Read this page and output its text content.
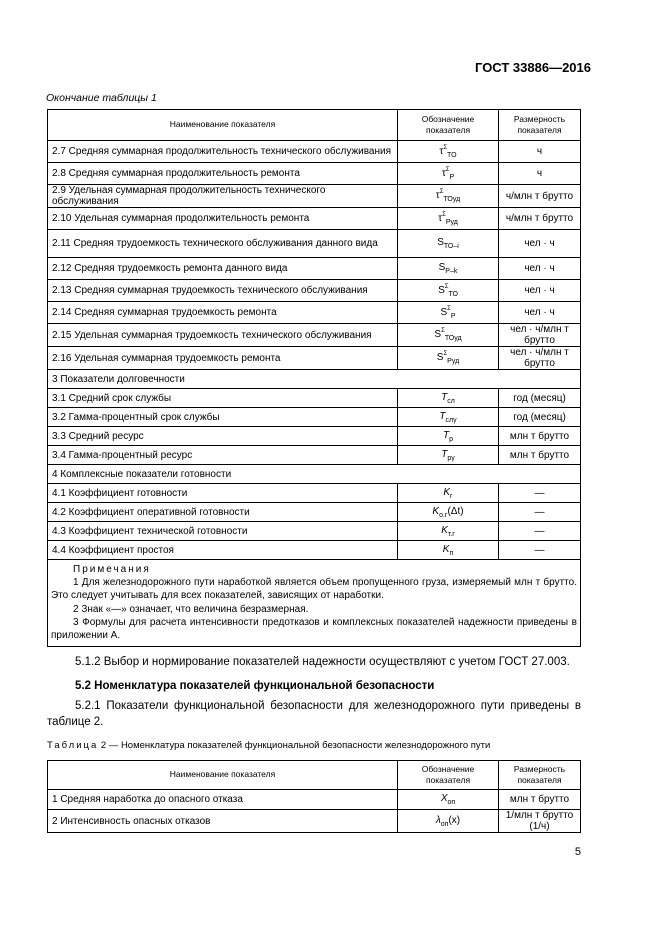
ГОСТ 33886—2016
Окончание таблицы 1
Наименование показателя	Обозначение показателя	Размерность показателя
2.7 Средняя суммарная продолжительность технического обслуживания	$\tau^\Sigma_{TO}$	ч
2.8 Средняя суммарная продолжительность ремонта	$\tau^\Sigma_Р$	ч
2.9 Удельная суммарная продолжительность технического обслуживания	$\tau^\Sigma_{ТОуд}$	ч/млн т брутто
2.10 Удельная суммарная продолжительность ремонта	$\tau^\Sigma_{Руд}$	ч/млн т брутто
2.11 Средняя трудоемкость технического обслуживания данного вида	$S_{ТО-i}$	чел · ч
2.12 Средняя трудоемкость ремонта данного вида	$S_{Р-k}$	чел · ч
2.13 Средняя суммарная трудоемкость технического обслуживания	$S^\Sigma_{ТО}$	чел · ч
2.14 Средняя суммарная трудоемкость ремонта	$S^\Sigma_Р$	чел · ч
2.15 Удельная суммарная трудоемкость технического обслуживания	$S^\Sigma_{ТОуд}$	чел · ч/млн т брутто
2.16 Удельная суммарная трудоемкость ремонта	$S^\Sigma_{Руд}$	чел · ч/млн т брутто
3 Показатели долговечности		
3.1 Средний срок службы	$T_{сл}$	год (месяц)
3.2 Гамма-процентный срок службы	$T_{сл\gamma}$	год (месяц)
3.3 Средний ресурс	$T_р$	млн т брутто
3.4 Гамма-процентный ресурс	$T_{р\gamma}$	млн т брутто
4 Комплексные показатели готовности		
4.1 Коэффициент готовности	$K_г$	—
4.2 Коэффициент оперативной готовности	$K_{о.г}(\Delta t)$	—
4.3 Коэффициент технической готовности	$K_{т.г}$	—
4.4 Коэффициент простоя	$K_п$	—

Примечания
1 Для железнодорожного пути наработкой является объем пропущенного груза, измеряемый млн т брутто. Это следует учитывать для всех показателей, зависящих от наработки.
2 Знак «—» означает, что величина безразмерная.
3 Формулы для расчета интенсивности предотказов и комплексных показателей надежности приведены в приложении А.		
5.1.2 Выбор и нормирование показателей надежности осуществляют с учетом ГОСТ 27.003.
5.2 Номенклатура показателей функциональной безопасности
5.2.1 Показатели функциональной безопасности для железнодорожного пути приведены в таблице 2.
Таблица 2 — Номенклатура показателей функциональной безопасности железнодорожного пути
Наименование показателя	Обозначение показателя	Размерность показателя
1 Средняя наработка до опасного отказа	$X_{оп}$	млн т брутто
2 Интенсивность опасных отказов	$\lambda_{оп}(x)$	1/млн т брутто (1/ч)
5
